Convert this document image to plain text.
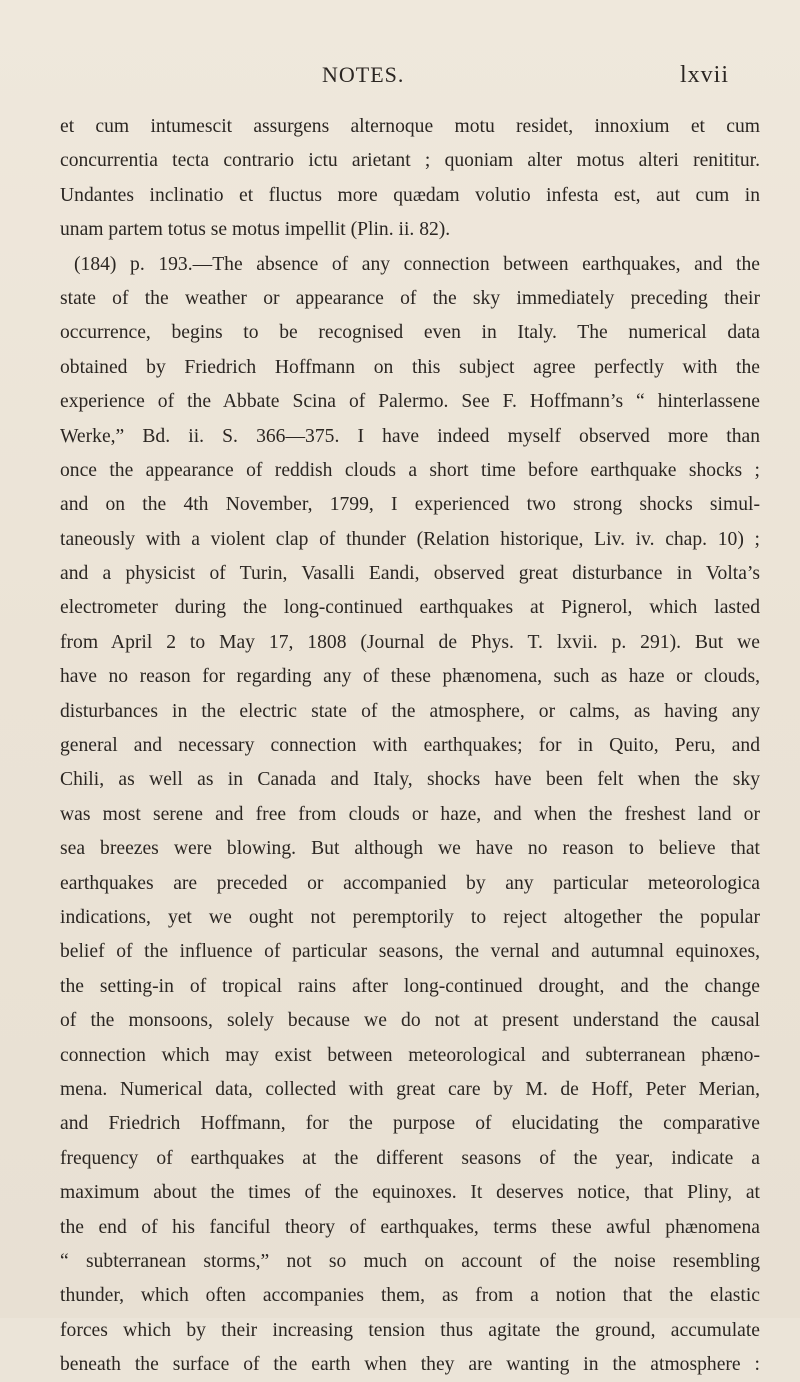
NOTES.	lxvii
et cum intumescit assurgens alternoque motu residet, innoxium et cum
concurrentia tecta contrario ictu arietant ; quoniam alter motus alteri renititur.
Undantes inclinatio et fluctus more quædam volutio infesta est, aut cum in
unam partem totus se motus impellit (Plin. ii. 82).
(184) p. 193.—The absence of any connection between earthquakes, and the
state of the weather or appearance of the sky immediately preceding their
occurrence, begins to be recognised even in Italy. The numerical data
obtained by Friedrich Hoffmann on this subject agree perfectly with the
experience of the Abbate Scina of Palermo. See F. Hoffmann’s “ hinterlassene
Werke,” Bd. ii. S. 366—375. I have indeed myself observed more than
once the appearance of reddish clouds a short time before earthquake shocks ;
and on the 4th November, 1799, I experienced two strong shocks simul-
taneously with a violent clap of thunder (Relation historique, Liv. iv. chap. 10) ;
and a physicist of Turin, Vasalli Eandi, observed great disturbance in Volta’s
electrometer during the long-continued earthquakes at Pignerol, which lasted
from April 2 to May 17, 1808 (Journal de Phys. T. lxvii. p. 291). But we
have no reason for regarding any of these phænomena, such as haze or clouds,
disturbances in the electric state of the atmosphere, or calms, as having any
general and necessary connection with earthquakes; for in Quito, Peru, and
Chili, as well as in Canada and Italy, shocks have been felt when the sky
was most serene and free from clouds or haze, and when the freshest land or
sea breezes were blowing. But although we have no reason to believe that
earthquakes are preceded or accompanied by any particular meteorologica
indications, yet we ought not peremptorily to reject altogether the popular
belief of the influence of particular seasons, the vernal and autumnal equinoxes,
the setting-in of tropical rains after long-continued drought, and the change
of the monsoons, solely because we do not at present understand the causal
connection which may exist between meteorological and subterranean phæno-
mena. Numerical data, collected with great care by M. de Hoff, Peter Merian,
and Friedrich Hoffmann, for the purpose of elucidating the comparative
frequency of earthquakes at the different seasons of the year, indicate a
maximum about the times of the equinoxes. It deserves notice, that Pliny, at
the end of his fanciful theory of earthquakes, terms these awful phænomena
“ subterranean storms,” not so much on account of the noise resembling
thunder, which often accompanies them, as from a notion that the elastic
forces which by their increasing tension thus agitate the ground, accumulate
beneath the surface of the earth when they are wanting in the atmosphere :
